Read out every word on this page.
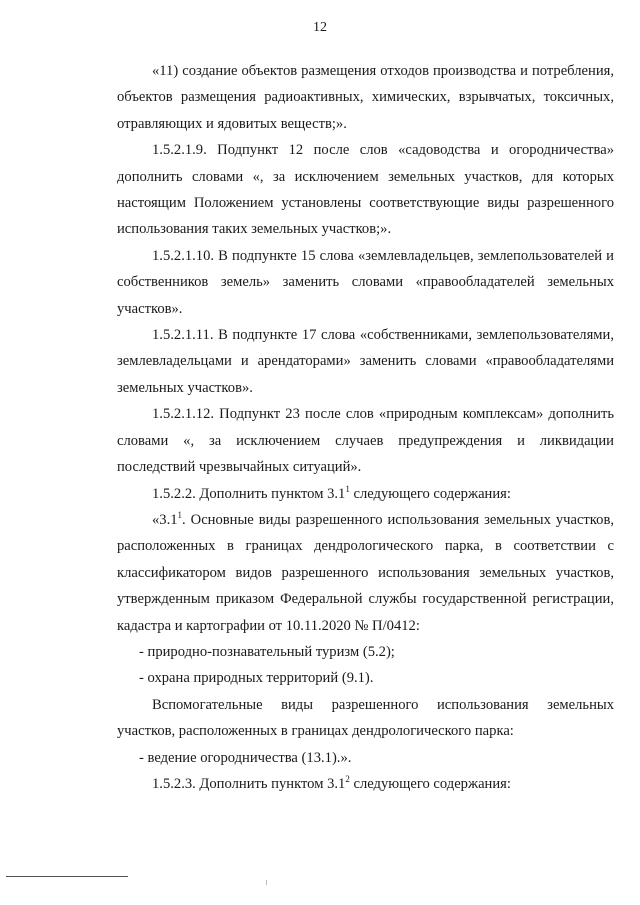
12

«11) создание объектов размещения отходов производства и потребления, объектов размещения радиоактивных, химических, взрывчатых, токсичных, отравляющих и ядовитых веществ;».

1.5.2.1.9. Подпункт 12 после слов «садоводства и огородничества» дополнить словами «, за исключением земельных участков, для которых настоящим Положением установлены соответствующие виды разрешенного использования таких земельных участков;».

1.5.2.1.10. В подпункте 15 слова «землевладельцев, землепользователей и собственников земель» заменить словами «правообладателей земельных участков».

1.5.2.1.11. В подпункте 17 слова «собственниками, землепользователями, землевладельцами и арендаторами» заменить словами «правообладателями земельных участков».

1.5.2.1.12. Подпункт 23 после слов «природным комплексам» дополнить словами «, за исключением случаев предупреждения и ликвидации последствий чрезвычайных ситуаций».

1.5.2.2. Дополнить пунктом $3.1^1$ следующего содержания:

«$3.1^1$. Основные виды разрешенного использования земельных участков, расположенных в границах дендрологического парка, в соответствии с классификатором видов разрешенного использования земельных участков, утвержденным приказом Федеральной службы государственной регистрации, кадастра и картографии от 10.11.2020 № П/0412:

- природно-познавательный туризм (5.2);

- охрана природных территорий (9.1).

Вспомогательные виды разрешенного использования земельных участков, расположенных в границах дендрологического парка:

- ведение огородничества (13.1).».

1.5.2.3. Дополнить пунктом $3.1^2$ следующего содержания:
